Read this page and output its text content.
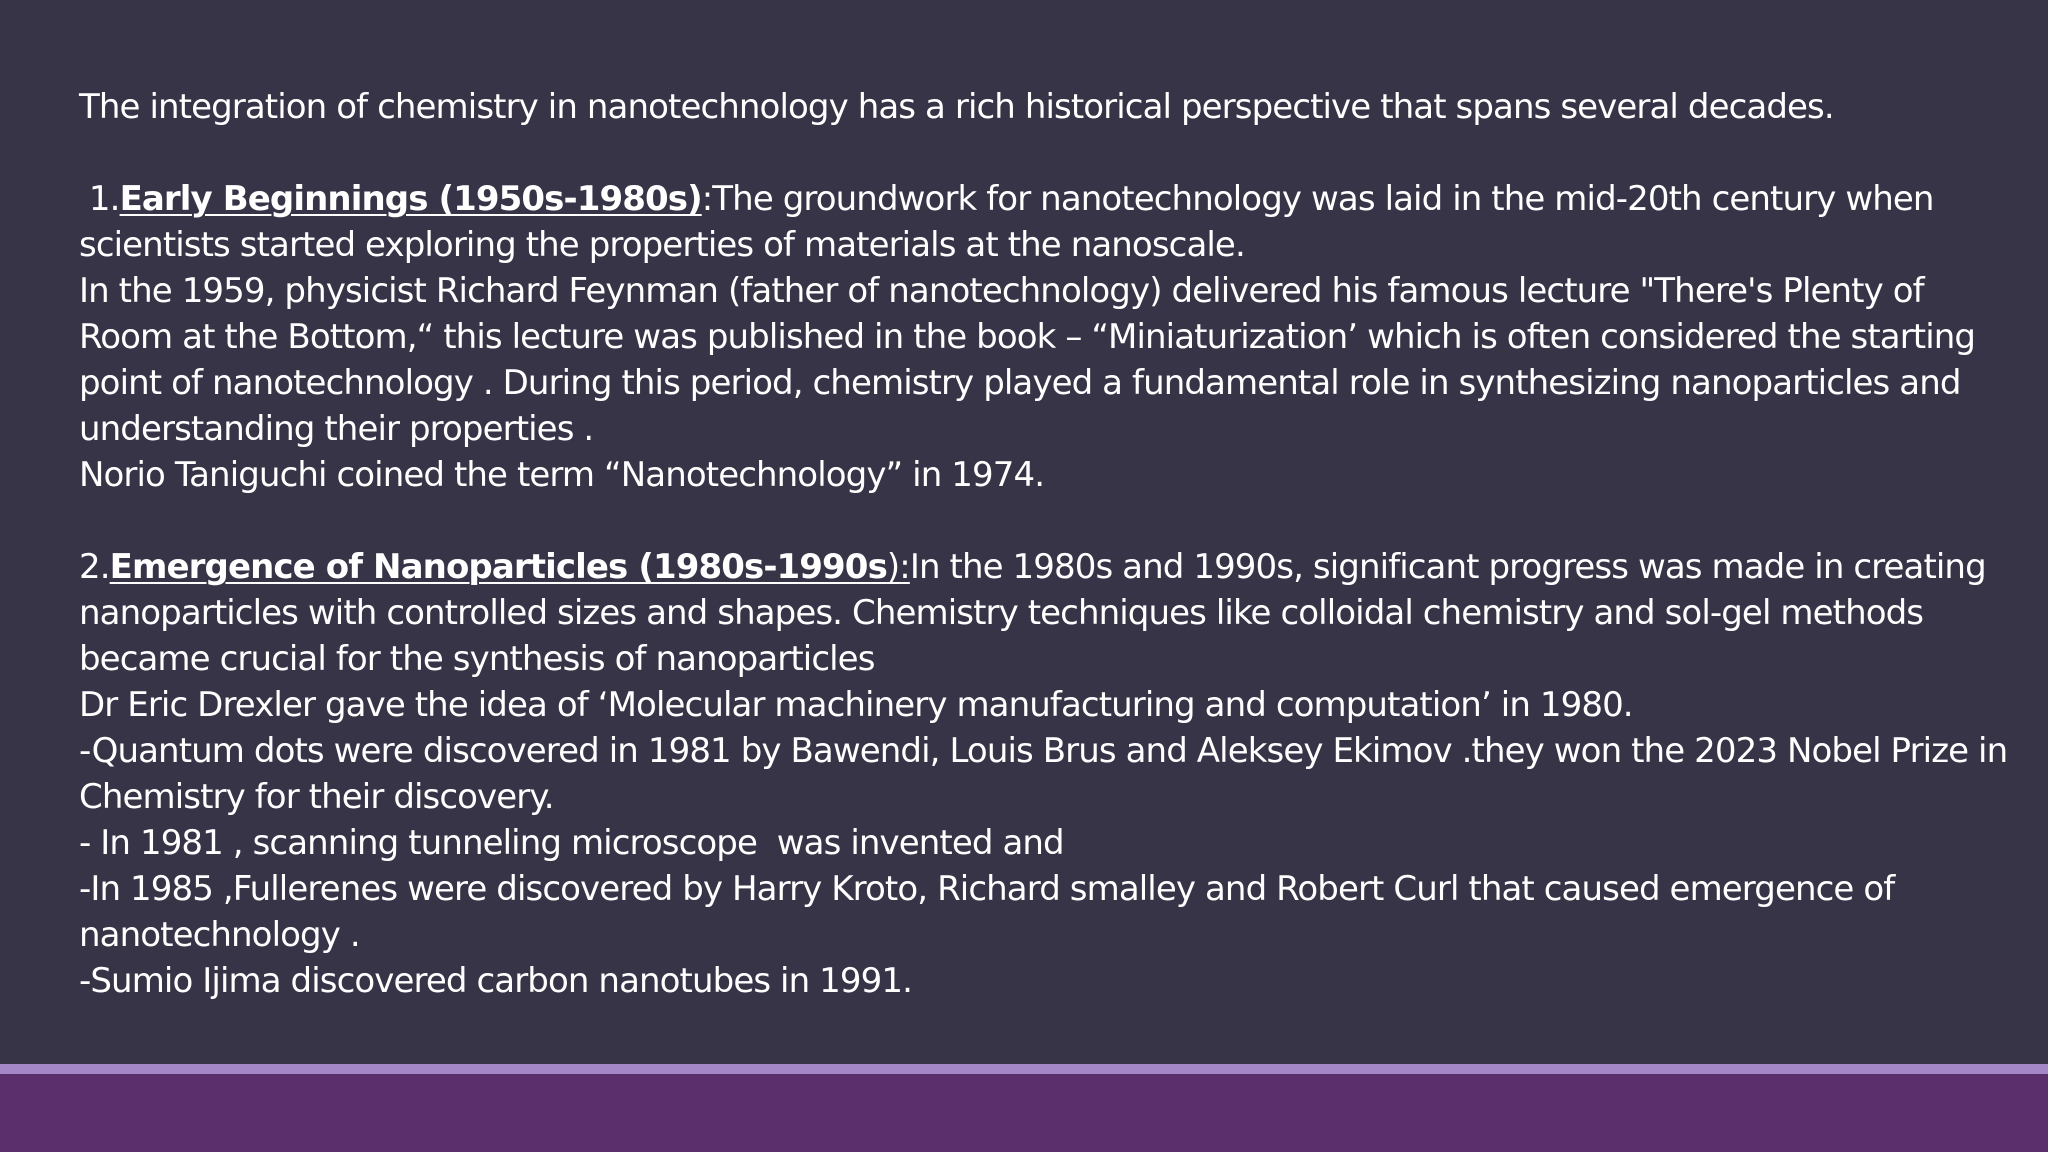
The integration of chemistry in nanotechnology has a rich historical perspective that spans several decades.
1.Early Beginnings (1950s-1980s):The groundwork for nanotechnology was laid in the mid-20th century when
scientists started exploring the properties of materials at the nanoscale.
In the 1959, physicist Richard Feynman (father of nanotechnology) delivered his famous lecture "There's Plenty of
Room at the Bottom,“ this lecture was published in the book – “Miniaturization’ which is often considered the starting
point of nanotechnology . During this period, chemistry played a fundamental role in synthesizing nanoparticles and
understanding their properties .
Norio Taniguchi coined the term “Nanotechnology” in 1974.
2.Emergence of Nanoparticles (1980s-1990s):In the 1980s and 1990s, significant progress was made in creating
nanoparticles with controlled sizes and shapes. Chemistry techniques like colloidal chemistry and sol-gel methods
became crucial for the synthesis of nanoparticles
Dr Eric Drexler gave the idea of ‘Molecular machinery manufacturing and computation’ in 1980.
-Quantum dots were discovered in 1981 by Bawendi, Louis Brus and Aleksey Ekimov .they won the 2023 Nobel Prize in
Chemistry for their discovery.
- In 1981 , scanning tunneling microscope  was invented and
-In 1985 ,Fullerenes were discovered by Harry Kroto, Richard smalley and Robert Curl that caused emergence of
nanotechnology .
-Sumio Ijima discovered carbon nanotubes in 1991.
